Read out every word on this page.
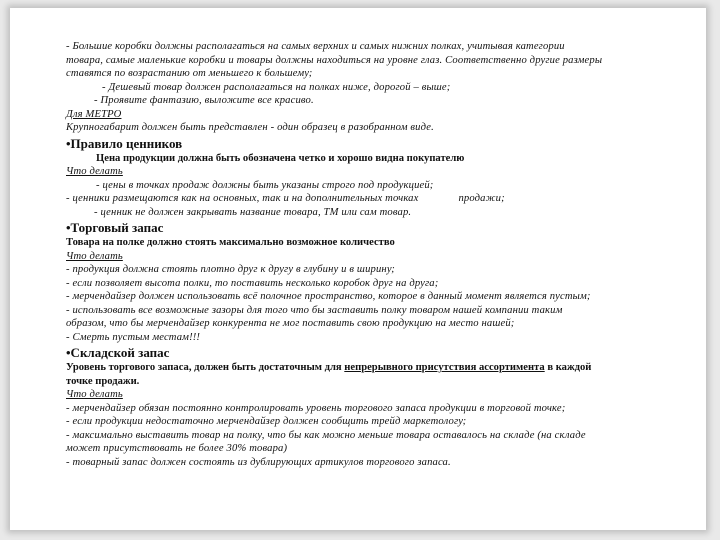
- Большие коробки должны располагаться на самых верхних и самых нижних полках, учитывая категории
товара, самые маленькие коробки и товары должны находиться на уровне глаз. Соответственно другие размеры
ставятся по возрастанию от меньшего к большему;
- Дешевый товар должен располагаться на полках ниже, дорогой – выше;
- Проявите фантазию, выложите все красиво.
Для МЕТРО
Крупногабарит должен быть представлен - один образец в разобранном виде.
•Правило ценников
Цена продукции должна быть обозначена четко и хорошо видна покупателю
Что делать
- цены в точках продаж должны быть указаны строго под продукцией;
- ценники размещаются как на основных, так и на дополнительных точках	продажи;
- ценник не должен закрывать название товара, ТМ или сам товар.
•Торговый запас
Товара на полке должно стоять максимально возможное количество
Что делать
- продукция должна стоять плотно друг к другу в глубину и в ширину;
- если позволяет высота полки, то поставить несколько коробок друг на друга;
- мерчендайзер должен использовать всё полочное пространство, которое в данный момент является пустым;
- использовать все возможные зазоры для того что бы заставить полку товаром нашей компании таким
образом, что бы мерчендайзер конкурента не мог поставить свою продукцию на место нашей;
- Смерть пустым местам!!!
•Складской запас
Уровень торгового запаса, должен быть достаточным для непрерывного присутствия ассортимента в каждой
точке продажи.
Что делать
- мерчендайзер обязан постоянно контролировать уровень торгового запаса продукции в торговой точке;
- если продукции недостаточно мерчендайзер должен сообщить трейд маркетологу;
- максимально выставить товар на полку, что бы как можно меньше товара оставалось на складе (на складе
может присутствовать не более 30% товара)
- товарный запас должен состоять из дублирующих артикулов торгового запаса.
